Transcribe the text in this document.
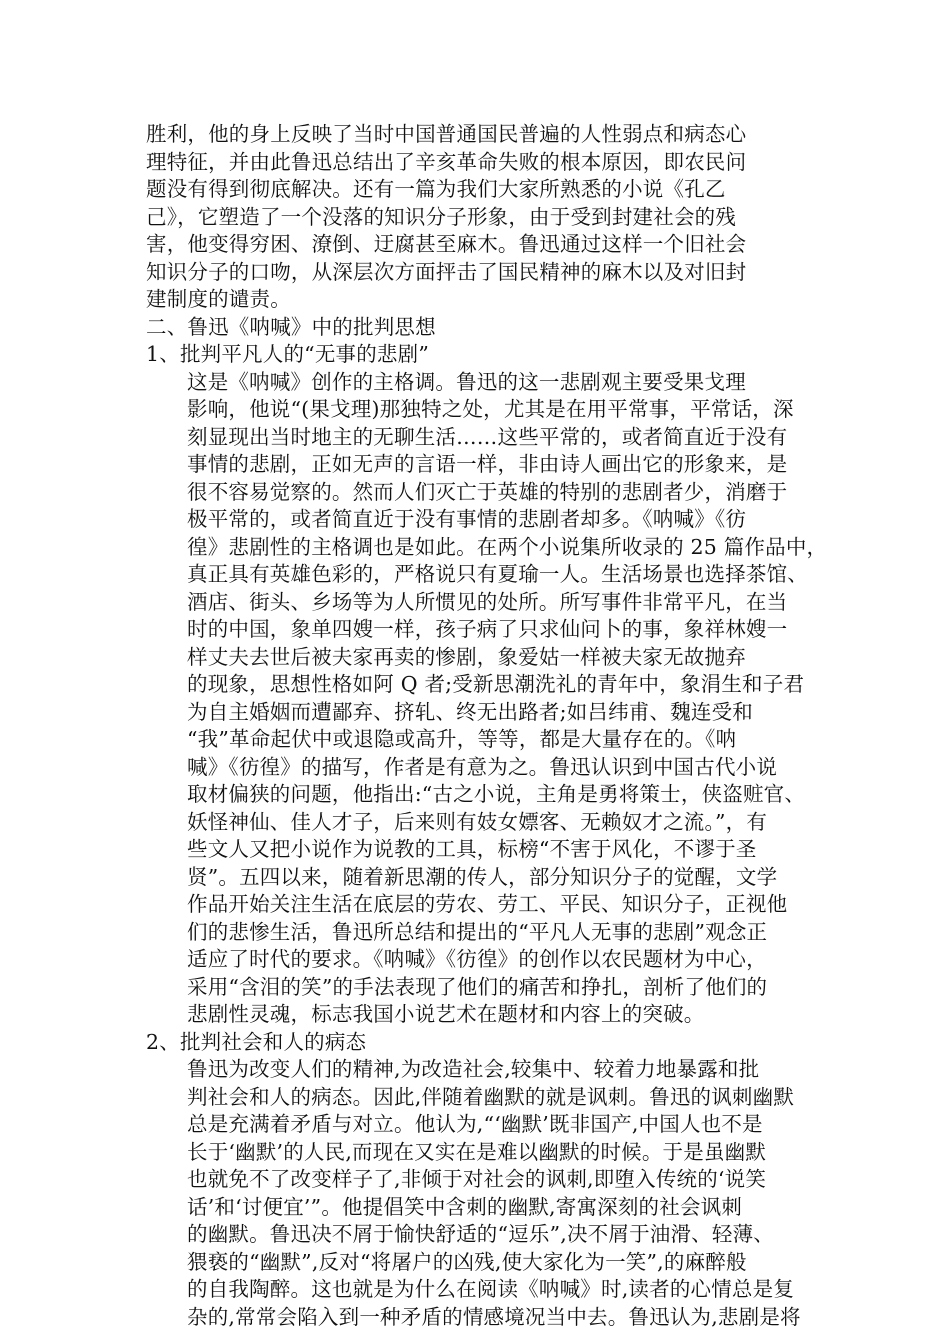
胜利，他的身上反映了当时中国普通国民普遍的人性弱点和病态心
理特征，并由此鲁迅总结出了辛亥革命失败的根本原因，即农民问
题没有得到彻底解决。还有一篇为我们大家所熟悉的小说《孔乙
己》，它塑造了一个没落的知识分子形象，由于受到封建社会的残
害，他变得穷困、潦倒、迂腐甚至麻木。鲁迅通过这样一个旧社会
知识分子的口吻，从深层次方面抨击了国民精神的麻木以及对旧封
建制度的谴责。
二、鲁迅《呐喊》中的批判思想
1、批判平凡人的“无事的悲剧”
这是《呐喊》创作的主格调。鲁迅的这一悲剧观主要受果戈理
影响，他说“(果戈理)那独特之处，尤其是在用平常事，平常话，深
刻显现出当时地主的无聊生活……这些平常的，或者简直近于没有
事情的悲剧，正如无声的言语一样，非由诗人画出它的形象来，是
很不容易觉察的。然而人们灭亡于英雄的特别的悲剧者少，消磨于
极平常的，或者简直近于没有事情的悲剧者却多。《呐喊》《彷
徨》悲剧性的主格调也是如此。在两个小说集所收录的 25 篇作品中，
真正具有英雄色彩的，严格说只有夏瑜一人。生活场景也选择茶馆、
酒店、街头、乡场等为人所惯见的处所。所写事件非常平凡，在当
时的中国，象单四嫂一样，孩子病了只求仙问卜的事，象祥林嫂一
样丈夫去世后被夫家再卖的惨剧，象爱姑一样被夫家无故抛弃
的现象，思想性格如阿 Q 者;受新思潮洗礼的青年中，象涓生和子君
为自主婚姻而遭鄙弃、挤轧、终无出路者;如吕纬甫、魏连受和
“我”革命起伏中或退隐或高升，等等，都是大量存在的。《呐
喊》《彷徨》的描写，作者是有意为之。鲁迅认识到中国古代小说
取材偏狭的问题，他指出:“古之小说，主角是勇将策士，侠盗赃官、
妖怪神仙、佳人才子，后来则有妓女嫖客、无赖奴才之流。”，有
些文人又把小说作为说教的工具，标榜“不害于风化，不谬于圣
贤”。五四以来，随着新思潮的传人，部分知识分子的觉醒，文学
作品开始关注生活在底层的劳农、劳工、平民、知识分子，正视他
们的悲惨生活，鲁迅所总结和提出的“平凡人无事的悲剧”观念正
适应了时代的要求。《呐喊》《彷徨》的创作以农民题材为中心，
采用“含泪的笑”的手法表现了他们的痛苦和挣扎，剖析了他们的
悲剧性灵魂，标志我国小说艺术在题材和内容上的突破。
2、批判社会和人的病态
鲁迅为改变人们的精神,为改造社会,较集中、较着力地暴露和批
判社会和人的病态。因此,伴随着幽默的就是讽刺。鲁迅的讽刺幽默
总是充满着矛盾与对立。他认为,“‘幽默’既非国产,中国人也不是
长于‘幽默’的人民,而现在又实在是难以幽默的时候。于是虽幽默
也就免不了改变样子了,非倾于对社会的讽刺,即堕入传统的‘说笑
话’和‘讨便宜’”。他提倡笑中含刺的幽默,寄寓深刻的社会讽刺
的幽默。鲁迅决不屑于愉快舒适的“逗乐”,决不屑于油滑、轻薄、
猥亵的“幽默”,反对“将屠户的凶残,使大家化为一笑”,的麻醉般
的自我陶醉。这也就是为什么在阅读《呐喊》时,读者的心情总是复
杂的,常常会陷入到一种矛盾的情感境况当中去。鲁迅认为,悲剧是将
